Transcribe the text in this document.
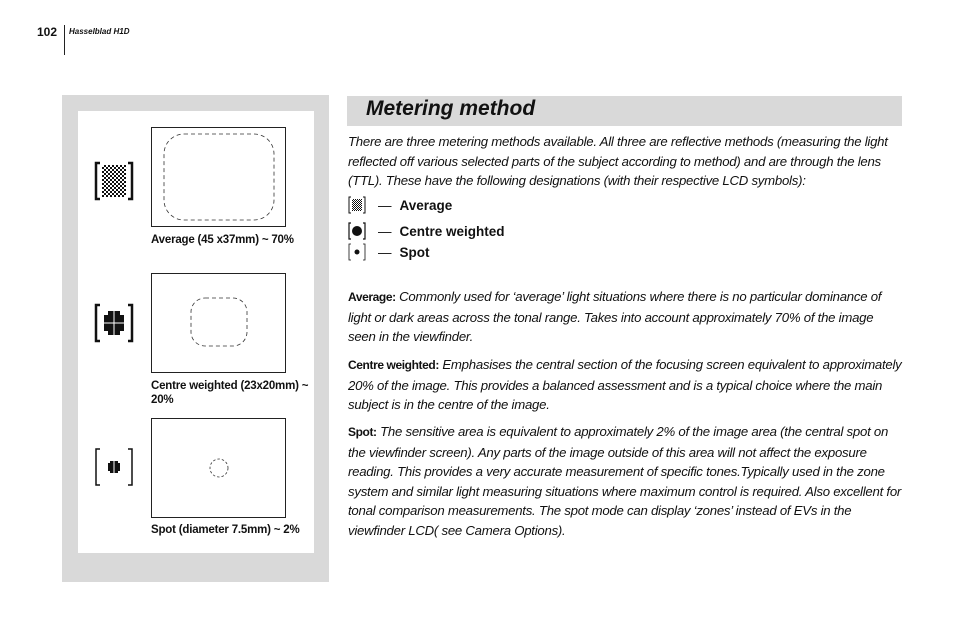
102 Hasselblad H1D
Average (45 x37mm) ~ 70%
Centre weighted (23x20mm) ~ 20%
Spot (diameter 7.5mm) ~ 2%
Metering method
There are three metering methods available. All three are reflective methods (measuring the light reflected off various selected parts of the subject according to method) and are through the lens (TTL). These have the following designations (with their respective LCD symbols):
— Average
— Centre weighted
— Spot
Average: Commonly used for ‘average’ light situations where there is no particular dominance of light or dark areas across the tonal range. Takes into account approximately 70% of the image seen in the viewfinder.
Centre weighted: Emphasises the central section of the focusing screen equivalent to approximately 20% of the image. This provides a balanced assessment and is a typical choice where the main subject is in the centre of the image.
Spot: The sensitive area is equivalent to approximately 2% of the image area (the central spot on the viewfinder screen). Any parts of the image outside of this area will not affect the exposure reading. This provides a very accurate measurement of specific tones.Typically used in the zone system and similar light measuring situations where maximum control is required. Also excellent for tonal comparison measurements. The spot mode can display ‘zones’ instead of EVs in the viewfinder LCD( see Camera Options).
